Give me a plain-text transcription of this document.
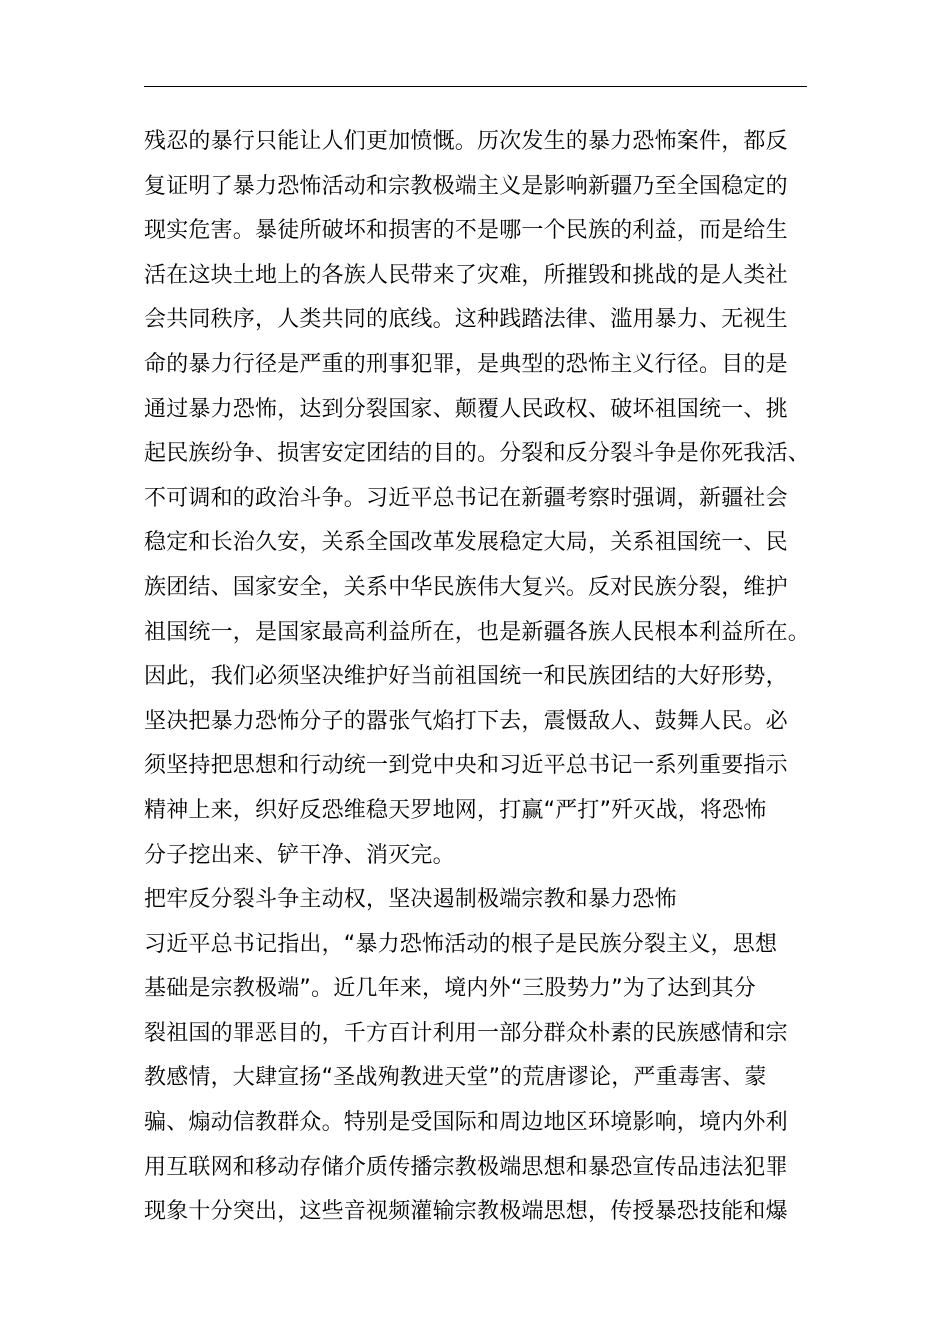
残忍的暴行只能让人们更加愤慨。历次发生的暴力恐怖案件，都反
复证明了暴力恐怖活动和宗教极端主义是影响新疆乃至全国稳定的
现实危害。暴徒所破坏和损害的不是哪一个民族的利益，而是给生
活在这块土地上的各族人民带来了灾难，所摧毁和挑战的是人类社
会共同秩序，人类共同的底线。这种践踏法律、滥用暴力、无视生
命的暴力行径是严重的刑事犯罪，是典型的恐怖主义行径。目的是
通过暴力恐怖，达到分裂国家、颠覆人民政权、破坏祖国统一、挑
起民族纷争、损害安定团结的目的。分裂和反分裂斗争是你死我活、
不可调和的政治斗争。习近平总书记在新疆考察时强调，新疆社会
稳定和长治久安，关系全国改革发展稳定大局，关系祖国统一、民
族团结、国家安全，关系中华民族伟大复兴。反对民族分裂，维护
祖国统一，是国家最高利益所在，也是新疆各族人民根本利益所在。
因此，我们必须坚决维护好当前祖国统一和民族团结的大好形势，
坚决把暴力恐怖分子的嚣张气焰打下去，震慑敌人、鼓舞人民。必
须坚持把思想和行动统一到党中央和习近平总书记一系列重要指示
精神上来，织好反恐维稳天罗地网，打赢“严打”歼灭战，将恐怖
分子挖出来、铲干净、消灭完。
把牢反分裂斗争主动权，坚决遏制极端宗教和暴力恐怖
习近平总书记指出，“暴力恐怖活动的根子是民族分裂主义，思想
基础是宗教极端”。近几年来，境内外“三股势力”为了达到其分
裂祖国的罪恶目的，千方百计利用一部分群众朴素的民族感情和宗
教感情，大肆宣扬“圣战殉教进天堂”的荒唐谬论，严重毒害、蒙
骗、煽动信教群众。特别是受国际和周边地区环境影响，境内外利
用互联网和移动存储介质传播宗教极端思想和暴恐宣传品违法犯罪
现象十分突出，这些音视频灌输宗教极端思想，传授暴恐技能和爆
